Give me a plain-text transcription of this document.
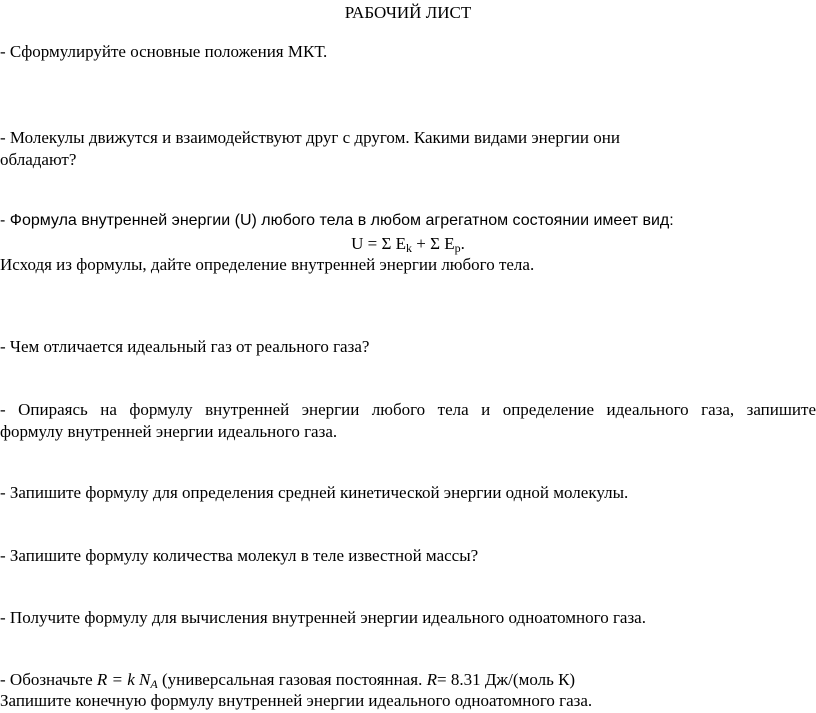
РАБОЧИЙ ЛИСТ
- Сформулируйте основные положения МКТ.
- Молекулы движутся и взаимодействуют друг с другом. Какими видами энергии они
обладают?
- Формула внутренней энергии (U) любого тела в любом агрегатном состоянии имеет вид:
U = Σ $E_k + \Sigma$ $E_p$.
Исходя из формулы, дайте определение внутренней энергии любого тела.
- Чем отличается идеальный газ от реального газа?
- Опираясь на формулу внутренней энергии любого тела и определение идеального газа, запишите
формулу внутренней энергии идеального газа.
- Запишите формулу для определения средней кинетической энергии одной молекулы.
- Запишите формулу количества молекул в теле известной массы?
- Получите формулу для вычисления внутренней энергии идеального одноатомного газа.
- Обозначьте R = k $N_A$ (универсальная газовая постоянная. R= 8.31 Дж/(моль К)
Запишите конечную формулу внутренней энергии идеального одноатомного газа.
